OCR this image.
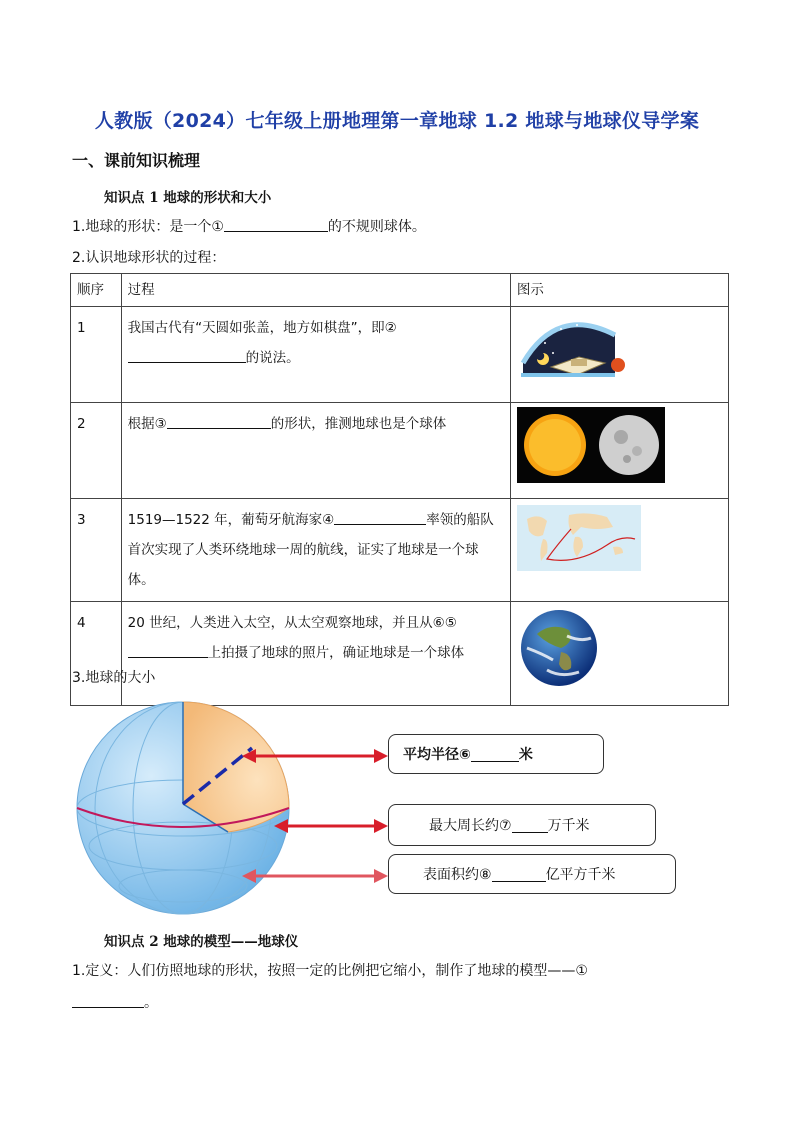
人教版（2024）七年级上册地理第一章地球 1.2 地球与地球仪导学案
一、课前知识梳理
知识点 1 地球的形状和大小
1.地球的形状：是一个①	的不规则球体。
2.认识地球形状的过程：
顺序	过程	图示
1	我国古代有“天圆如张盖，地方如棋盘”，即②
的说法。	
2	根据③ 的形状，推测地球也是个球体	
3	1519—1522 年，葡萄牙航海家④ 率领的船队首次实现了人类环绕地球一周的航线，证实了地球是一个球体。	
4	20 世纪，人类进入太空，从太空观察地球，并且从⑥⑤上拍摄了地球的照片，确证地球是一个球体	
3.地球的大小
平均半径⑥	米
最大周长约⑦	万千米
表面积约⑧	亿平方千米
知识点 2 地球的模型——地球仪
1.定义：人们仿照地球的形状，按照一定的比例把它缩小，制作了地球的模型——①
。
